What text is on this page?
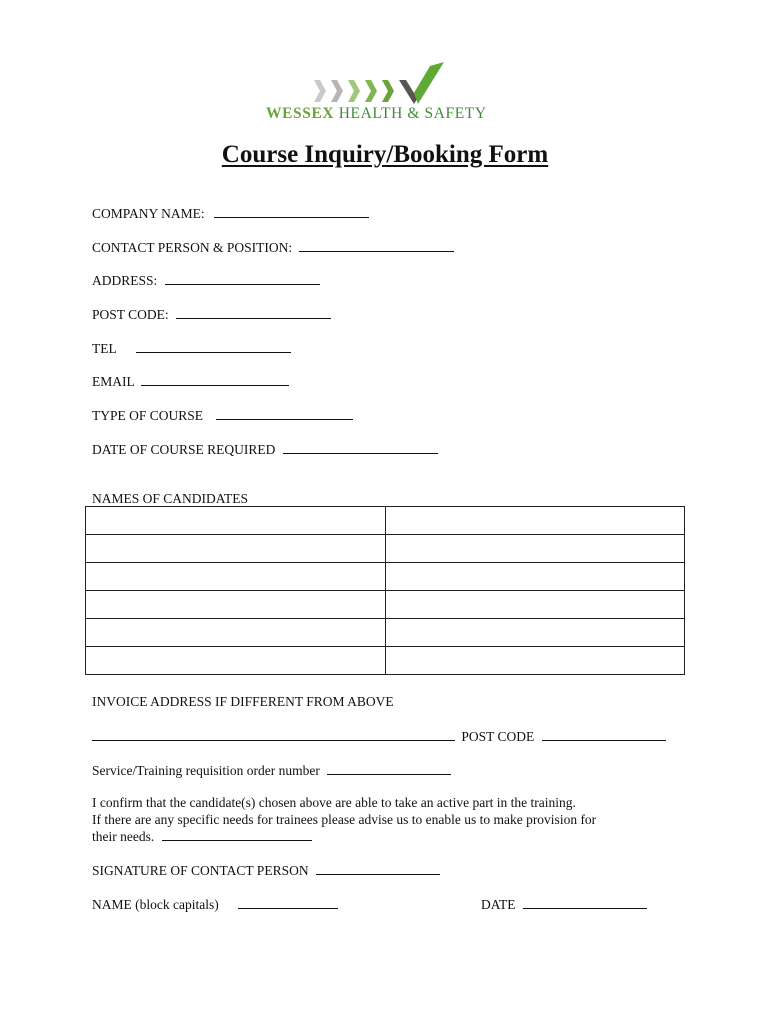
WESSEX HEALTH & SAFETY
Course Inquiry/Booking Form
COMPANY NAME:
CONTACT PERSON & POSITION:
ADDRESS:
POST CODE:
TEL
EMAIL
TYPE OF COURSE
DATE OF COURSE REQUIRED
NAMES OF CANDIDATES

INVOICE ADDRESS IF DIFFERENT FROM ABOVE
POST CODE
Service/Training requisition order number
I confirm that the candidate(s) chosen above are able to take an active part in the training.
If there are any specific needs for trainees please advise us to enable us to make provision for
their needs.
SIGNATURE OF CONTACT PERSON
NAME (block capitals)	DATE
